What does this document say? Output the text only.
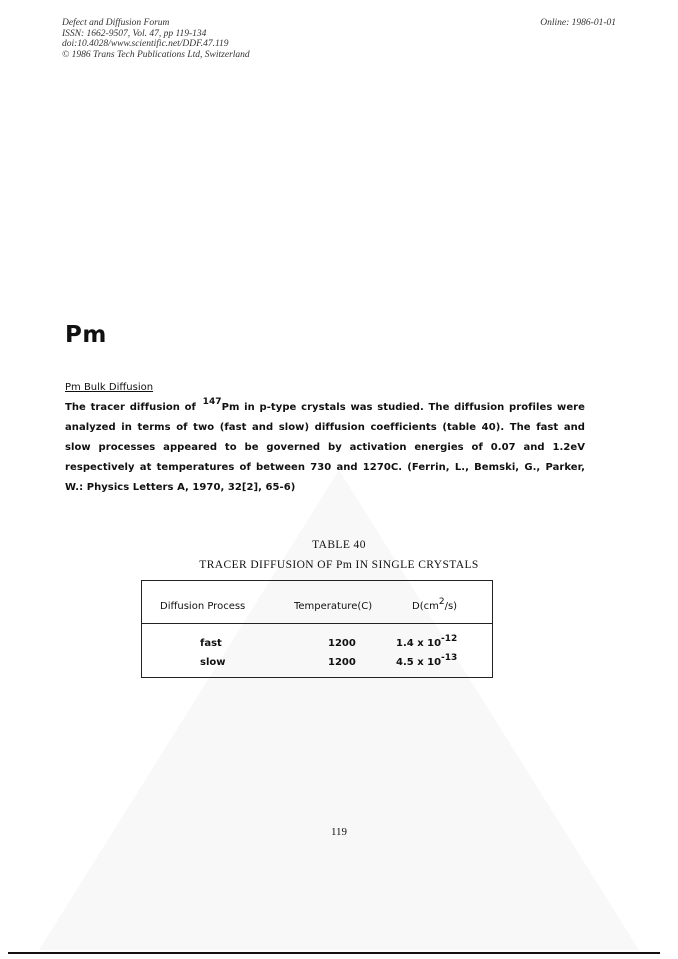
Defect and Diffusion Forum
ISSN: 1662-9507, Vol. 47, pp 119-134
doi:10.4028/www.scientific.net/DDF.47.119
© 1986 Trans Tech Publications Ltd, Switzerland
Online: 1986-01-01
Pm
Pm Bulk Diffusion
The tracer diffusion of 147Pm in p-type crystals was studied. The diffusion profiles were analyzed in terms of two (fast and slow) diffusion coefficients (table 40). The fast and slow processes appeared to be governed by activation energies of 0.07 and 1.2eV respectively at temperatures of between 730 and 1270C. (Ferrin, L., Bemski, G., Parker, W.: Physics Letters A, 1970, 32[2], 65-6)
TABLE 40
TRACER DIFFUSION OF Pm IN SINGLE CRYSTALS
Diffusion Process	Temperature(C)	D(cm2/s)
fast	1200	1.4 x 10-12
slow	1200	4.5 x 10-13
119
